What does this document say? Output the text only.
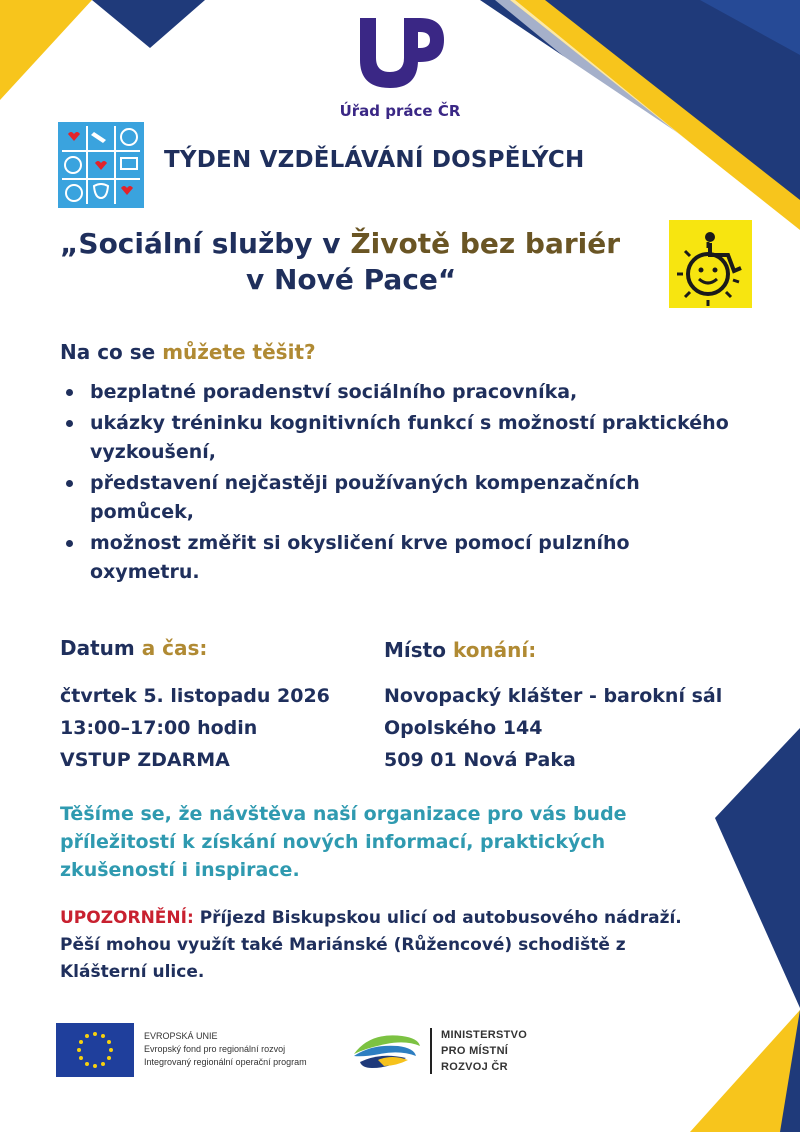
Úřad práce ČR
TÝDEN VZDĚLÁVÁNÍ DOSPĚLÝCH
„Sociální služby v Životě bez bariér
v Nové Pace“
Na co se můžete těšit?
bezplatné poradenství sociálního pracovníka,
ukázky tréninku kognitivních funkcí s možností praktického vyzkoušení,
představení nejčastěji používaných kompenzačních pomůcek,
možnost změřit si okysličení krve pomocí pulzního oxymetru.
Datum a čas:
čtvrtek 5. listopadu 2026
13:00–17:00 hodin
VSTUP ZDARMA
Místo konání:
Novopacký klášter - barokní sál
Opolského 144
509 01 Nová Paka
Těšíme se, že návštěva naší organizace pro vás bude příležitostí k získání nových informací, praktických zkušeností i inspirace.
UPOZORNĚNÍ: Příjezd Biskupskou ulicí od autobusového nádraží. Pěší mohou využít také Mariánské (Růžencové) schodiště z Klášterní ulice.
EVROPSKÁ UNIE
Evropský fond pro regionální rozvoj
Integrovaný regionální operační program
MINISTERSTVO
PRO MÍSTNÍ
ROZVOJ ČR
